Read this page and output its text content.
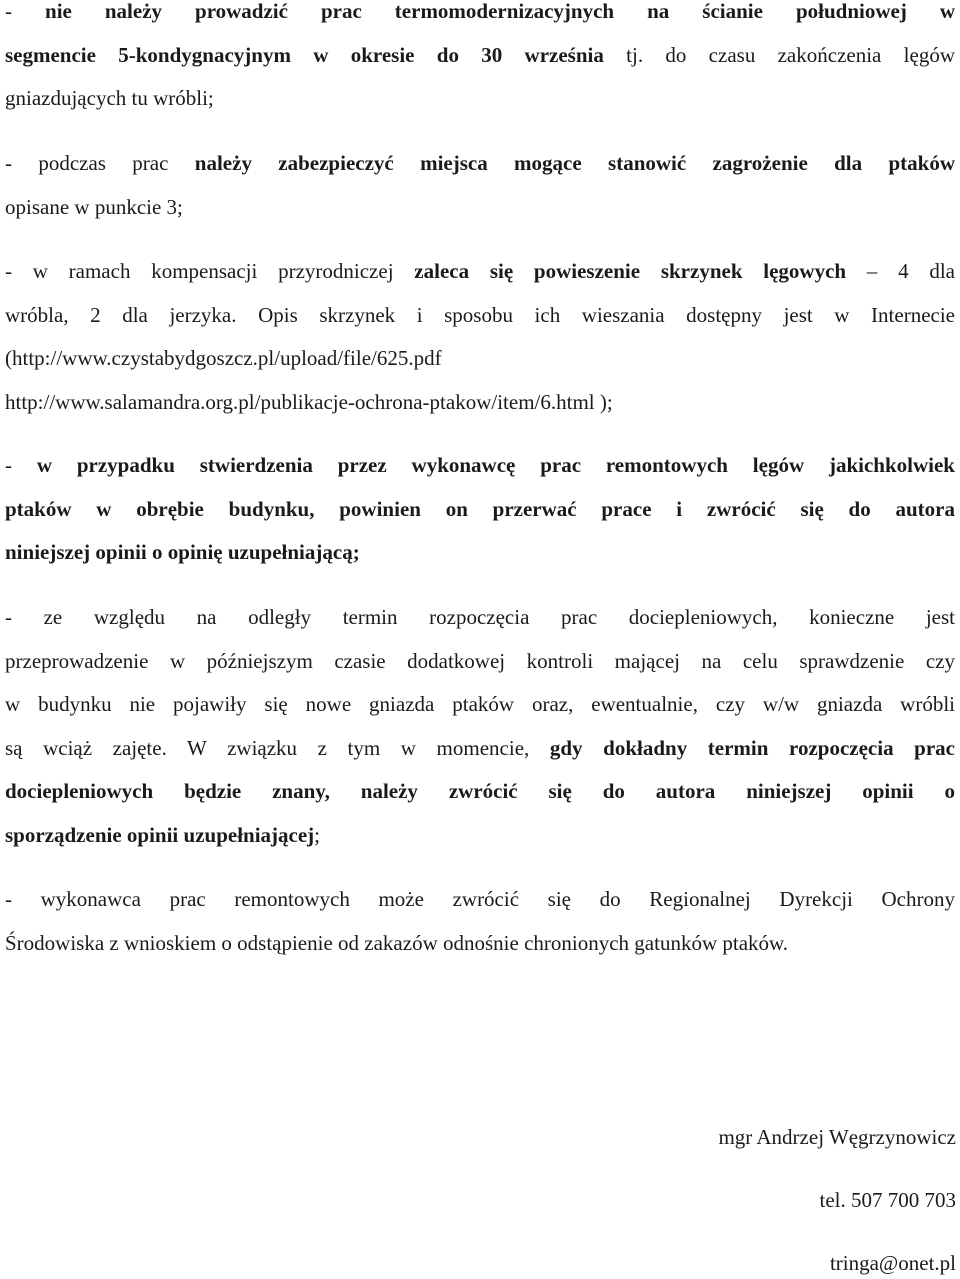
- nie należy prowadzić prac termomodernizacyjnych na ścianie południowej w
segmencie 5-kondygnacyjnym w okresie do 30 września tj. do czasu zakończenia lęgów
gniazdujących tu wróbli;
- podczas prac należy zabezpieczyć miejsca mogące stanowić zagrożenie dla ptaków
opisane w punkcie 3;
- w ramach kompensacji przyrodniczej zaleca się powieszenie skrzynek lęgowych – 4 dla
wróbla, 2 dla jerzyka. Opis skrzynek i sposobu ich wieszania dostępny jest w Internecie
(http://www.czystabydgoszcz.pl/upload/file/625.pdf
http://www.salamandra.org.pl/publikacje-ochrona-ptakow/item/6.html );
- w przypadku stwierdzenia przez wykonawcę prac remontowych lęgów jakichkolwiek
ptaków w obrębie budynku, powinien on przerwać prace i zwrócić się do autora
niniejszej opinii o opinię uzupełniającą;
- ze względu na odległy termin rozpoczęcia prac dociepleniowych, konieczne jest
przeprowadzenie w późniejszym czasie dodatkowej kontroli mającej na celu sprawdzenie czy
w budynku nie pojawiły się nowe gniazda ptaków oraz, ewentualnie, czy w/w gniazda wróbli
są wciąż zajęte. W związku z tym w momencie, gdy dokładny termin rozpoczęcia prac
dociepleniowych będzie znany, należy zwrócić się do autora niniejszej opinii o
sporządzenie opinii uzupełniającej;
- wykonawca prac remontowych może zwrócić się do Regionalnej Dyrekcji Ochrony
Środowiska z wnioskiem o odstąpienie od zakazów odnośnie chronionych gatunków ptaków.
mgr Andrzej Węgrzynowicz
tel. 507 700 703
tringa@onet.pl
